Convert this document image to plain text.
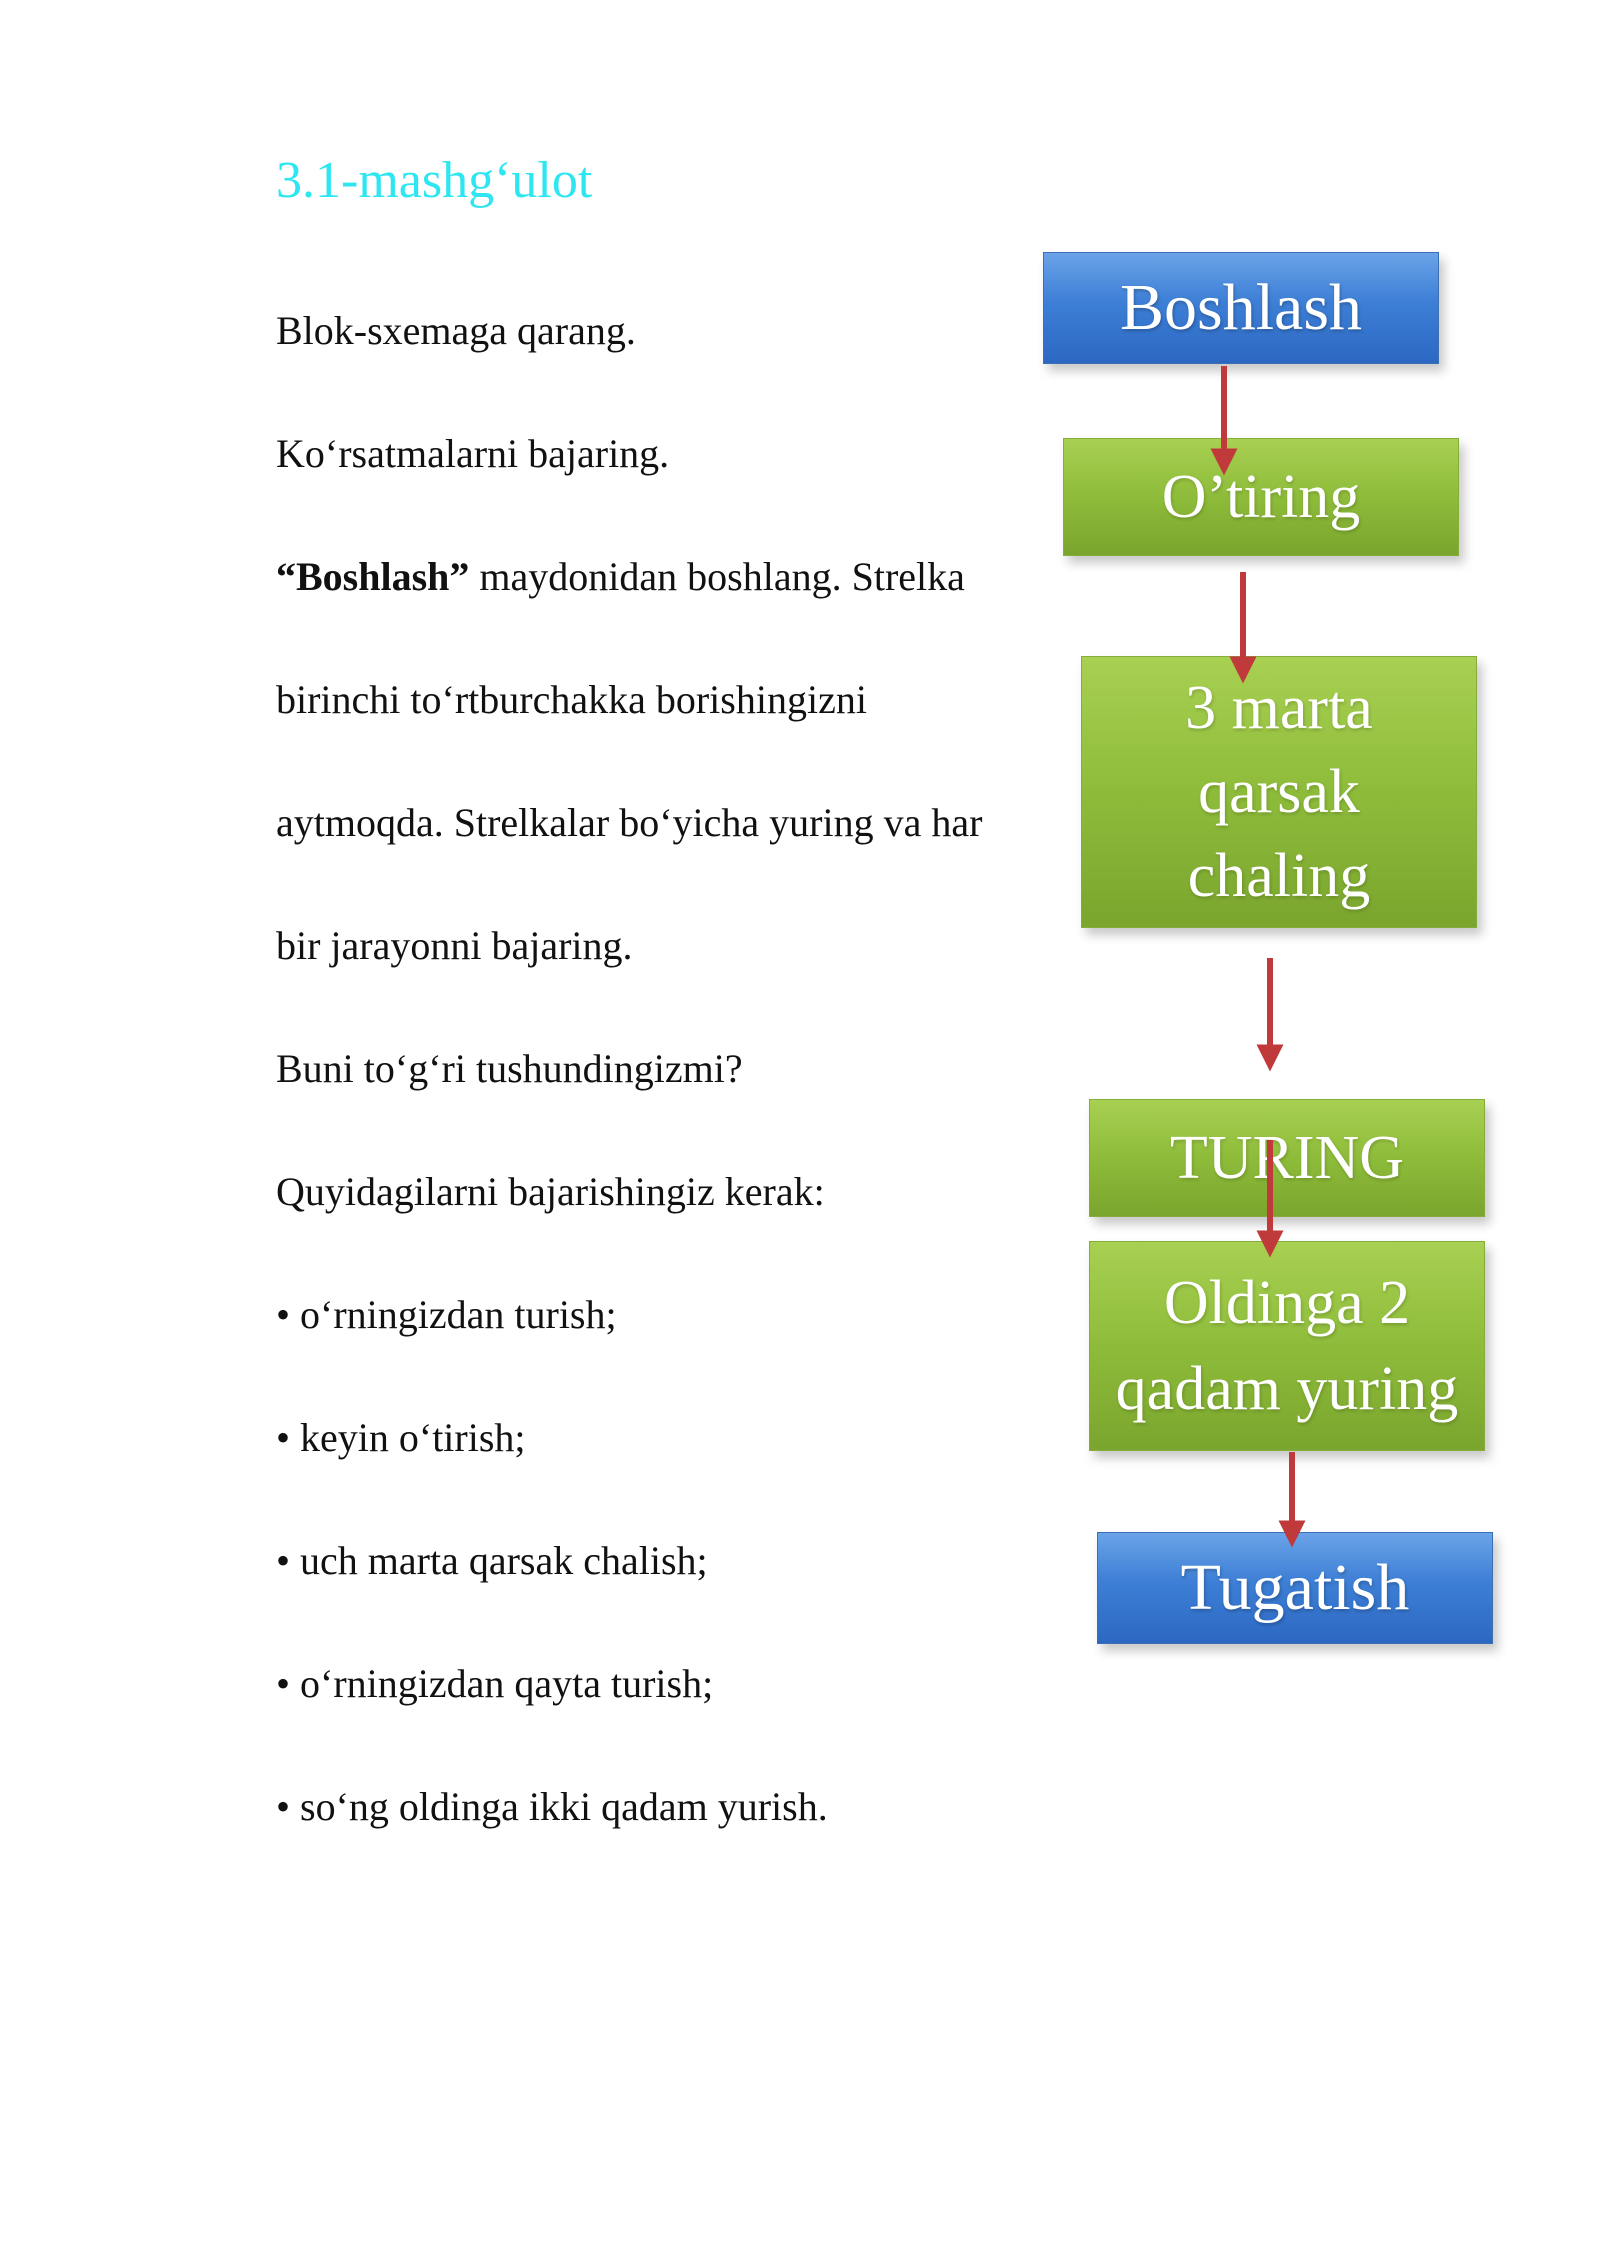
3.1-mashg‘ulot
Blok-sxemaga qarang.
Ko‘rsatmalarni bajaring.
“Boshlash” maydonidan boshlang. Strelka
birinchi to‘rtburchakka borishingizni
aytmoqda. Strelkalar bo‘yicha yuring va har
bir jarayonni bajaring.
Buni to‘g‘ri tushundingizmi?
Quyidagilarni bajarishingiz kerak:
• o‘rningizdan turish;
• keyin o‘tirish;
• uch marta qarsak chalish;
• o‘rningizdan qayta turish;
• so‘ng oldinga ikki qadam yurish.
Boshlash
O’tiring
3 marta
qarsak
chaling
TURING
Oldinga 2
qadam yuring
Tugatish
